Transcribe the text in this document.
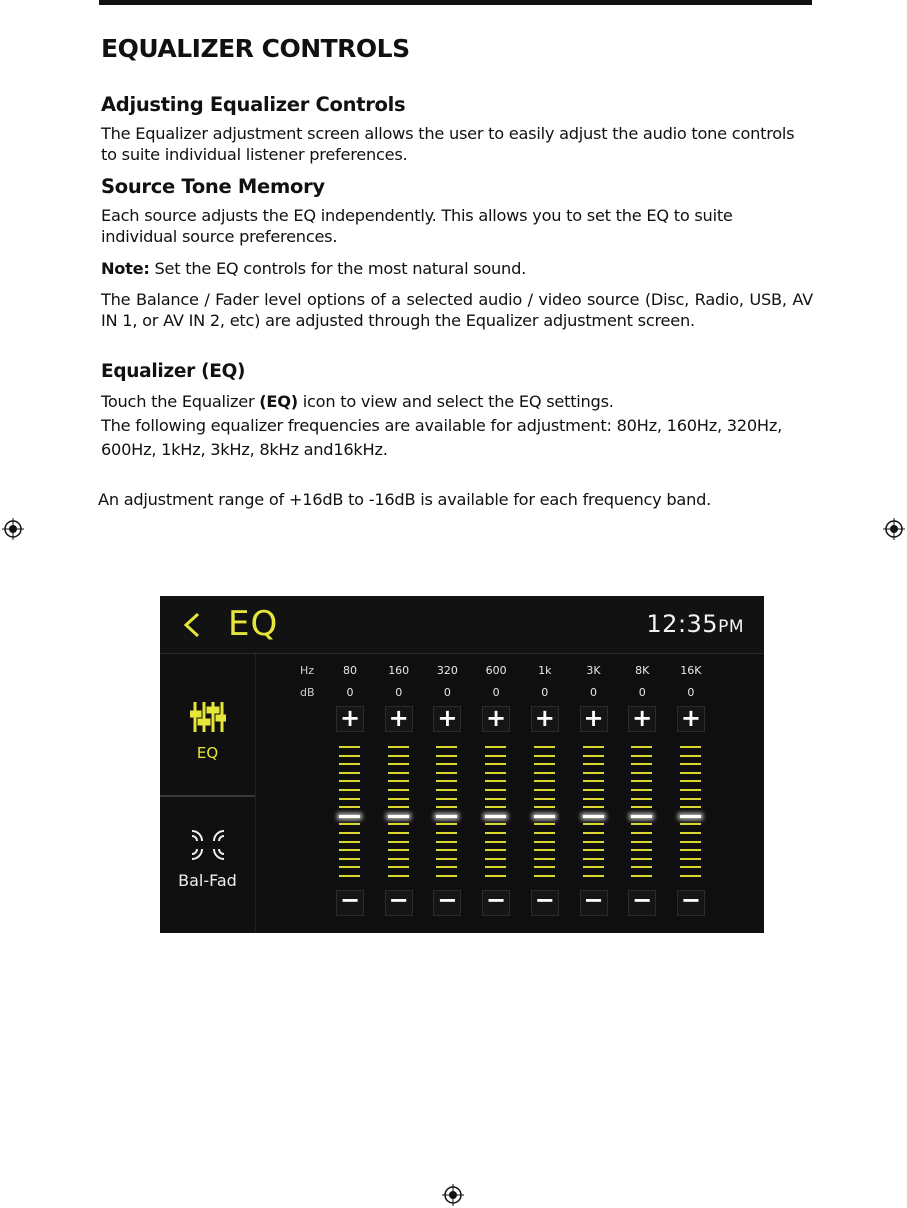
EQUALIZER CONTROLS
Adjusting Equalizer Controls

The Equalizer adjustment screen allows the user to easily adjust the audio tone controls to suite individual listener preferences.

Source Tone Memory

Each source adjusts the EQ independently. This allows you to set the EQ to suite individual source preferences.

Note: Set the EQ controls for the most natural sound.

The Balance / Fader level options of a selected audio / video source (Disc, Radio, USB, AV IN 1, or AV IN 2, etc) are adjusted through the Equalizer adjustment screen.

Equalizer (EQ)

Touch the Equalizer (EQ) icon to view and select the EQ settings.

The following equalizer frequencies are available for adjustment: 80Hz, 160Hz, 320Hz, 600Hz, 1kHz, 3kHz, 8kHz and16kHz.

An adjustment range of +16dB to -16dB is available for each frequency band.

EQ	12:35PM
EQ
Bal-Fad
Hz
dB
80
0
+
−
160
0
+
−
320
0
+
−
600
0
+
−
1k
0
+
−
3K
0
+
−
8K
0
+
−
16K
0
+
−
